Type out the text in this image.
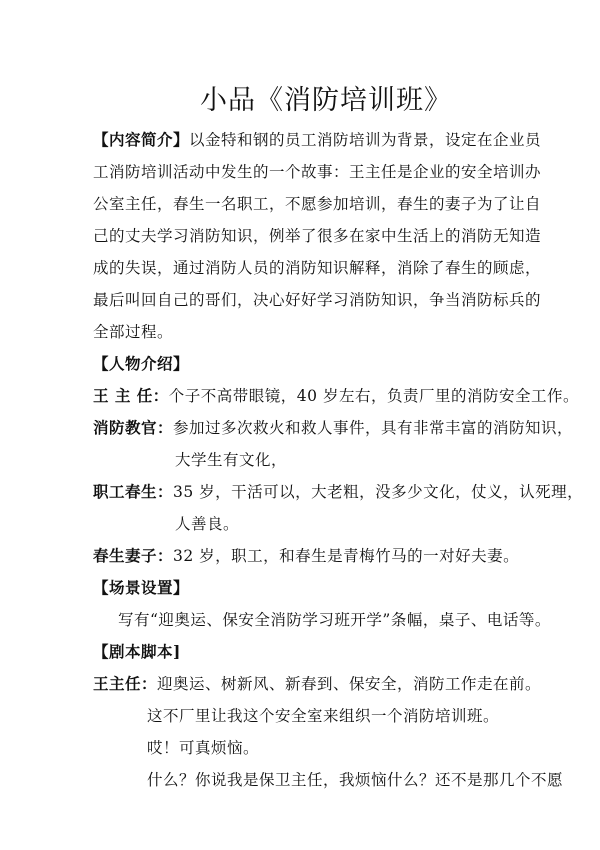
小品《消防培训班》
【内容简介】以金特和钢的员工消防培训为背景，设定在企业员
工消防培训活动中发生的一个故事：王主任是企业的安全培训办
公室主任，春生一名职工，不愿参加培训，春生的妻子为了让自
己的丈夫学习消防知识，例举了很多在家中生活上的消防无知造
成的失误，通过消防人员的消防知识解释，消除了春生的顾虑，
最后叫回自己的哥们，决心好好学习消防知识，争当消防标兵的
全部过程。
【人物介绍】
王 主 任：个子不高带眼镜，40 岁左右，负责厂里的消防安全工作。
消防教官：参加过多次救火和救人事件，具有非常丰富的消防知识，
大学生有文化，
职工春生：35 岁，干活可以，大老粗，没多少文化，仗义，认死理，
人善良。
春生妻子：32 岁，职工，和春生是青梅竹马的一对好夫妻。
【场景设置】
写有“迎奥运、保安全消防学习班开学”条幅，桌子、电话等。
【剧本脚本]
王主任：迎奥运、树新风、新春到、保安全，消防工作走在前。
这不厂里让我这个安全室来组织一个消防培训班。
哎！可真烦恼。
什么？你说我是保卫主任，我烦恼什么？还不是那几个不愿
